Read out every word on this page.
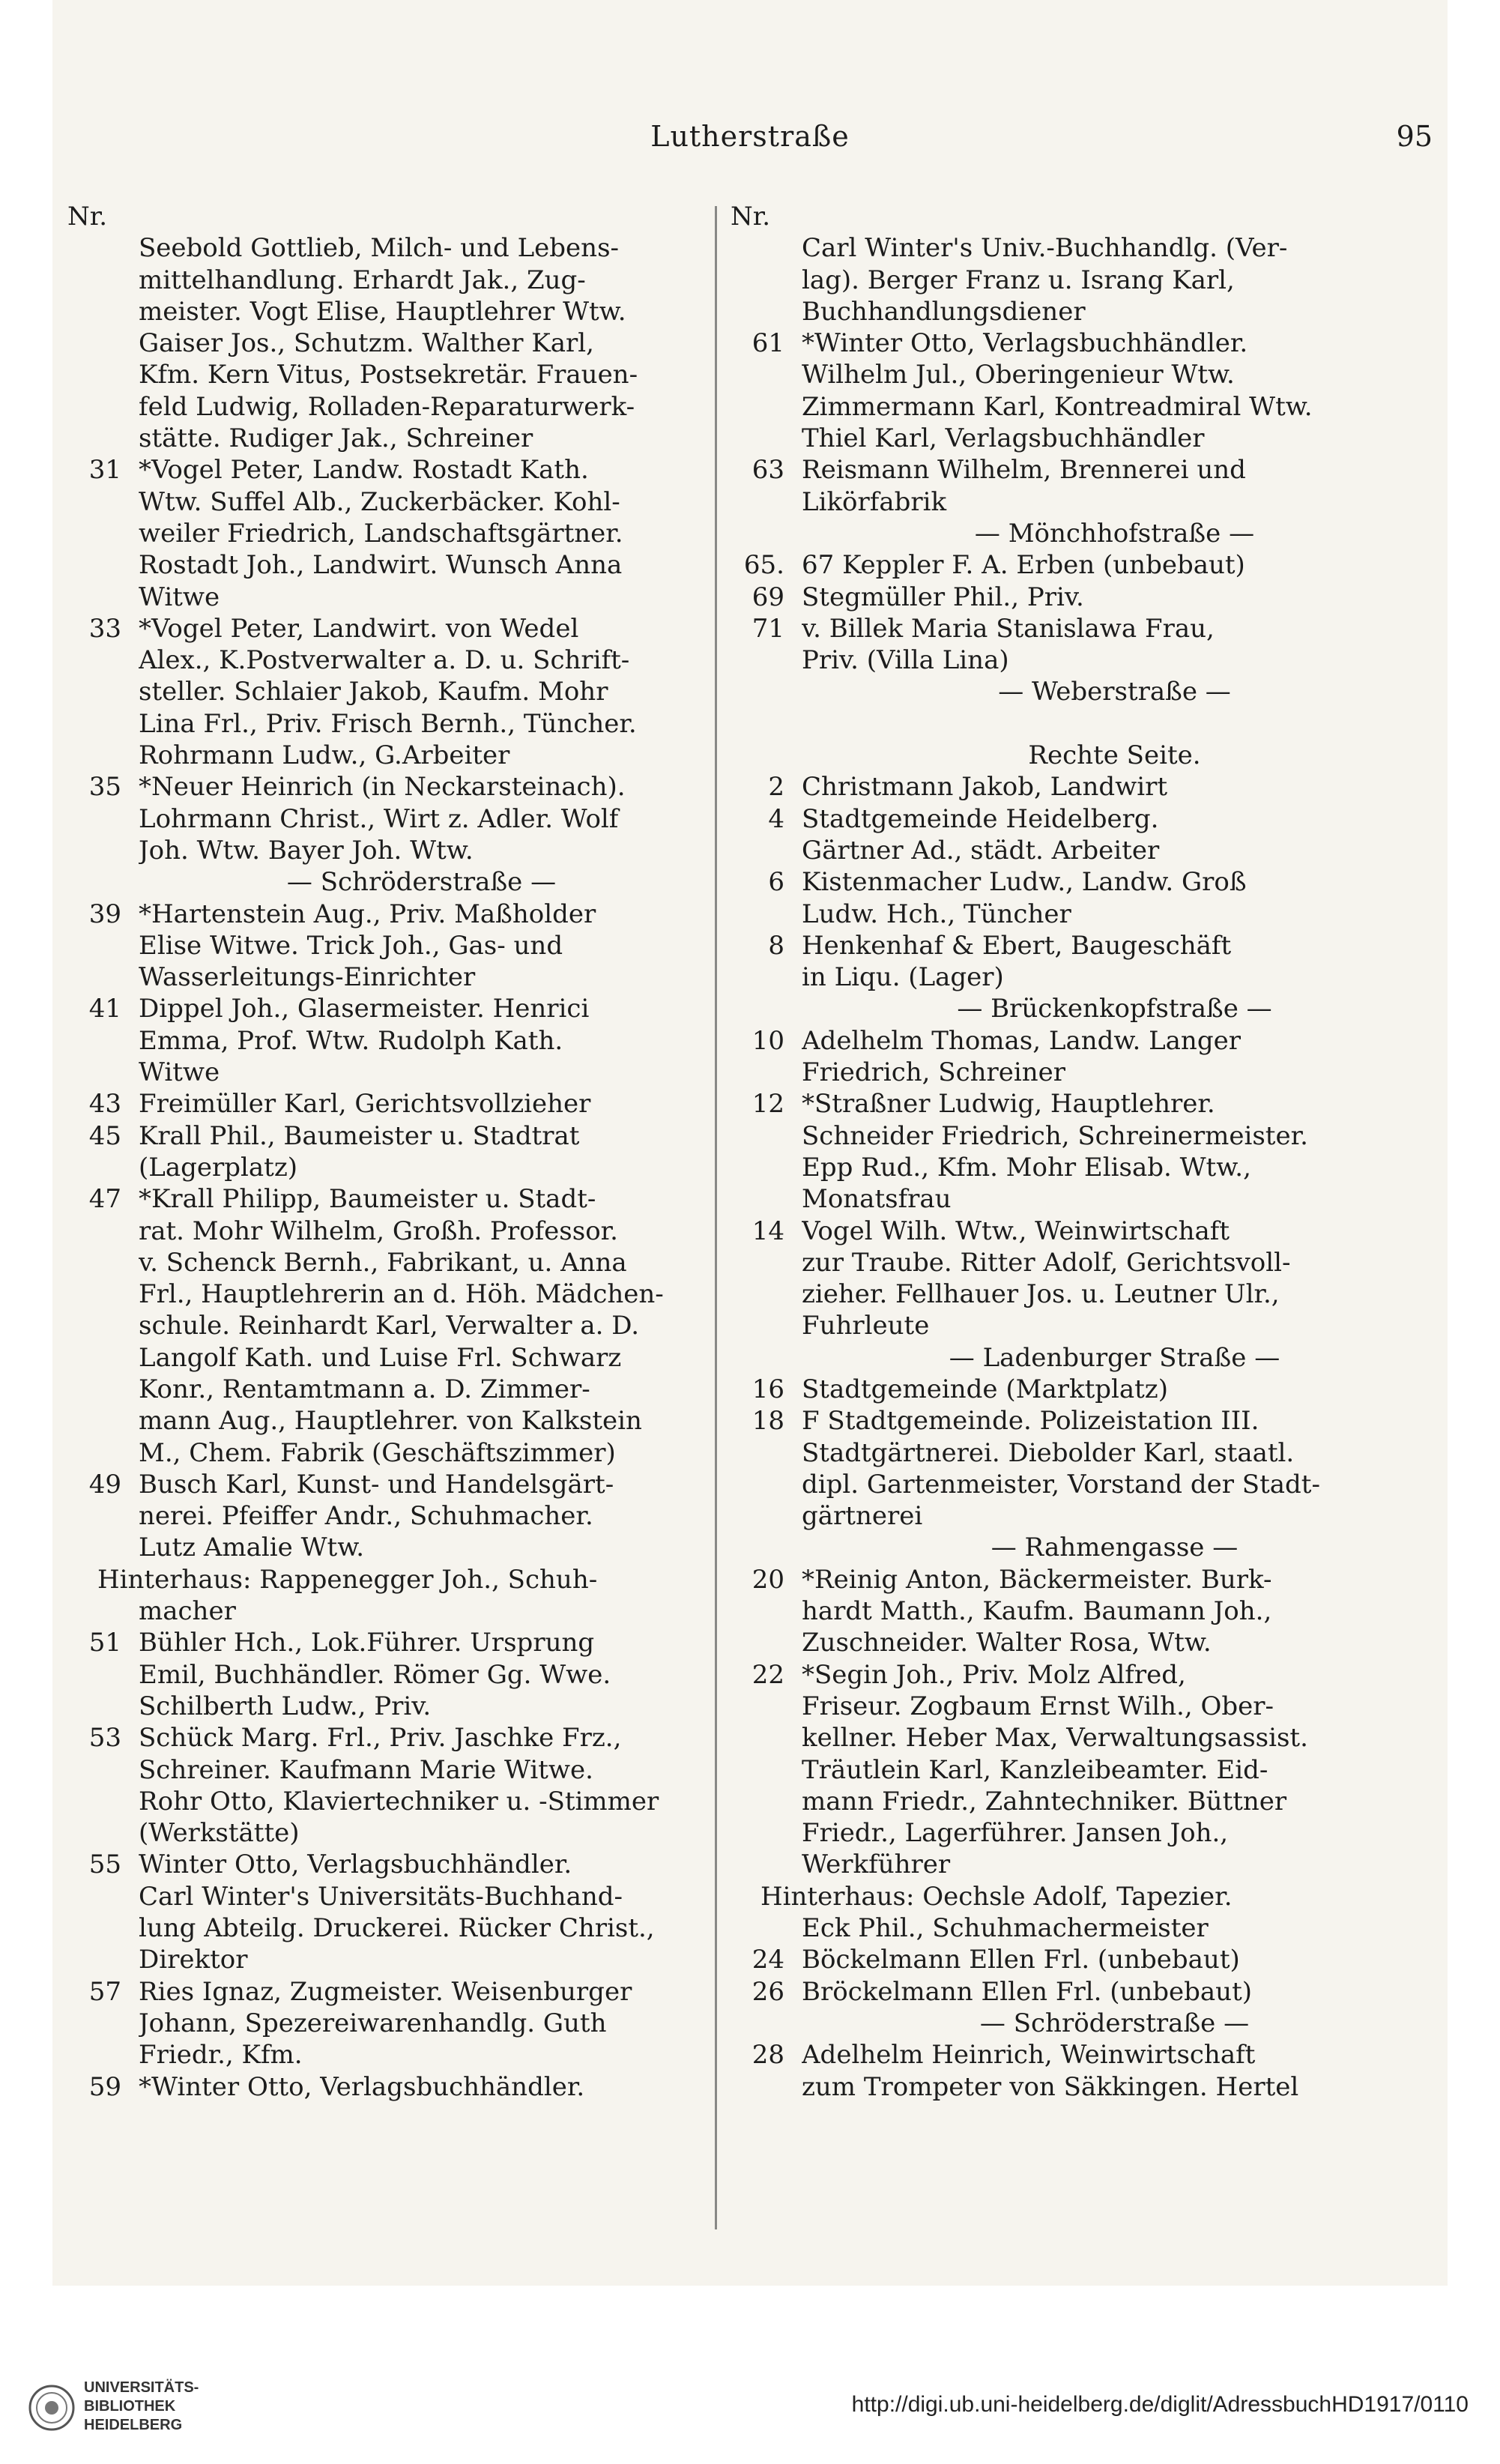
Lutherstraße	95
Nr.
Seebold Gottlieb, Milch- und Lebens-
mittelhandlung. Erhardt Jak., Zug-
meister. Vogt Elise, Hauptlehrer Wtw.
Gaiser Jos., Schutzm. Walther Karl,
Kfm. Kern Vitus, Postsekretär. Frauen-
feld Ludwig, Rolladen-Reparaturwerk-
stätte. Rudiger Jak., Schreiner
31 *Vogel Peter, Landw. Rostadt Kath.
Wtw. Suffel Alb., Zuckerbäcker. Kohl-
weiler Friedrich, Landschaftsgärtner.
Rostadt Joh., Landwirt. Wunsch Anna
Witwe
33 *Vogel Peter, Landwirt. von Wedel
Alex., K.Postverwalter a. D. u. Schrift-
steller. Schlaier Jakob, Kaufm. Mohr
Lina Frl., Priv. Frisch Bernh., Tüncher.
Rohrmann Ludw., G.Arbeiter
35 *Neuer Heinrich (in Neckarsteinach).
Lohrmann Christ., Wirt z. Adler. Wolf
Joh. Wtw. Bayer Joh. Wtw.
— Schröderstraße —
39 *Hartenstein Aug., Priv. Maßholder
Elise Witwe. Trick Joh., Gas- und
Wasserleitungs-Einrichter
41 Dippel Joh., Glasermeister. Henrici
Emma, Prof. Wtw. Rudolph Kath.
Witwe
43 Freimüller Karl, Gerichtsvollzieher
45 Krall Phil., Baumeister u. Stadtrat
(Lagerplatz)
47 *Krall Philipp, Baumeister u. Stadt-
rat. Mohr Wilhelm, Großh. Professor.
v. Schenck Bernh., Fabrikant, u. Anna
Frl., Hauptlehrerin an d. Höh. Mädchen-
schule. Reinhardt Karl, Verwalter a. D.
Langolf Kath. und Luise Frl. Schwarz
Konr., Rentamtmann a. D. Zimmer-
mann Aug., Hauptlehrer. von Kalkstein
M., Chem. Fabrik (Geschäftszimmer)
49 Busch Karl, Kunst- und Handelsgärt-
nerei. Pfeiffer Andr., Schuhmacher.
Lutz Amalie Wtw.
Hinterhaus: Rappenegger Joh., Schuh-
macher
51 Bühler Hch., Lok.Führer. Ursprung
Emil, Buchhändler. Römer Gg. Wwe.
Schilberth Ludw., Priv.
53 Schück Marg. Frl., Priv. Jaschke Frz.,
Schreiner. Kaufmann Marie Witwe.
Rohr Otto, Klaviertechniker u. -Stimmer
(Werkstätte)
55 Winter Otto, Verlagsbuchhändler.
Carl Winter's Universitäts-Buchhand-
lung Abteilg. Druckerei. Rücker Christ.,
Direktor
57 Ries Ignaz, Zugmeister. Weisenburger
Johann, Spezereiwarenhandlg. Guth
Friedr., Kfm.
59 *Winter Otto, Verlagsbuchhändler.
Nr.
Carl Winter's Univ.-Buchhandlg. (Ver-
lag). Berger Franz u. Israng Karl,
Buchhandlungsdiener
61 *Winter Otto, Verlagsbuchhändler.
Wilhelm Jul., Oberingenieur Wtw.
Zimmermann Karl, Kontreadmiral Wtw.
Thiel Karl, Verlagsbuchhändler
63 Reismann Wilhelm, Brennerei und
Likörfabrik
— Mönchhofstraße —
65. 67 Keppler F. A. Erben (unbebaut)
69 Stegmüller Phil., Priv.
71 v. Billek Maria Stanislawa Frau,
Priv. (Villa Lina)
— Weberstraße —
Rechte Seite.
2 Christmann Jakob, Landwirt
4 Stadtgemeinde Heidelberg.
Gärtner Ad., städt. Arbeiter
6 Kistenmacher Ludw., Landw. Groß
Ludw. Hch., Tüncher
8 Henkenhaf & Ebert, Baugeschäft
in Liqu. (Lager)
— Brückenkopfstraße —
10 Adelhelm Thomas, Landw. Langer
Friedrich, Schreiner
12 *Straßner Ludwig, Hauptlehrer.
Schneider Friedrich, Schreinermeister.
Epp Rud., Kfm. Mohr Elisab. Wtw.,
Monatsfrau
14 Vogel Wilh. Wtw., Weinwirtschaft
zur Traube. Ritter Adolf, Gerichtsvoll-
zieher. Fellhauer Jos. u. Leutner Ulr.,
Fuhrleute
— Ladenburger Straße —
16 Stadtgemeinde (Marktplatz)
18 F Stadtgemeinde. Polizeistation III.
Stadtgärtnerei. Diebolder Karl, staatl.
dipl. Gartenmeister, Vorstand der Stadt-
gärtnerei
— Rahmengasse —
20 *Reinig Anton, Bäckermeister. Burk-
hardt Matth., Kaufm. Baumann Joh.,
Zuschneider. Walter Rosa, Wtw.
22 *Segin Joh., Priv. Molz Alfred,
Friseur. Zogbaum Ernst Wilh., Ober-
kellner. Heber Max, Verwaltungsassist.
Träutlein Karl, Kanzleibeamter. Eid-
mann Friedr., Zahntechniker. Büttner
Friedr., Lagerführer. Jansen Joh.,
Werkführer
Hinterhaus: Oechsle Adolf, Tapezier.
Eck Phil., Schuhmachermeister
24 Böckelmann Ellen Frl. (unbebaut)
26 Bröckelmann Ellen Frl. (unbebaut)
— Schröderstraße —
28 Adelhelm Heinrich, Weinwirtschaft
zum Trompeter von Säkkingen. Hertel
UNIVERSITÄTS-
BIBLIOTHEK
HEIDELBERG
http://digi.ub.uni-heidelberg.de/diglit/AdressbuchHD1917/0110
